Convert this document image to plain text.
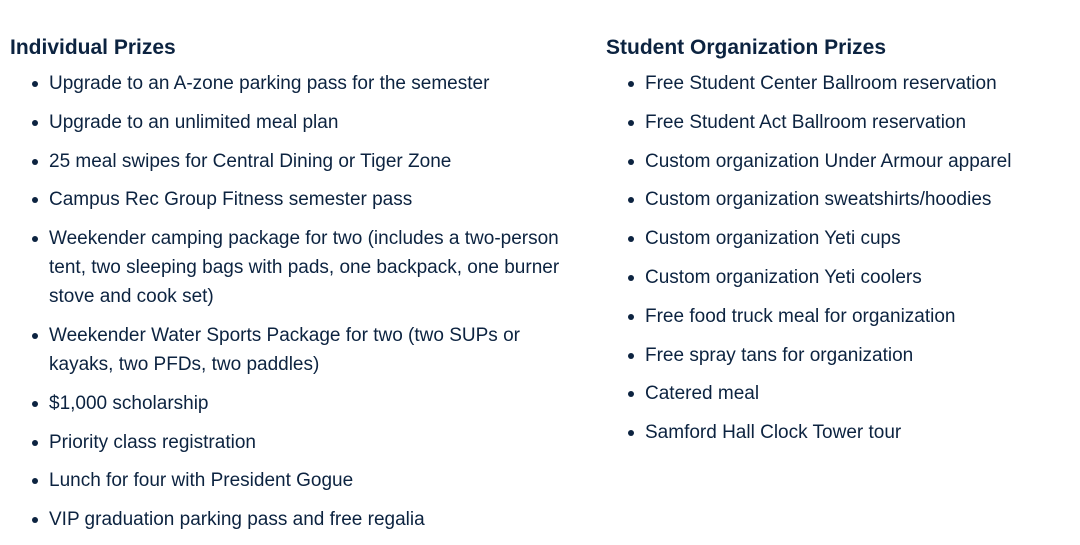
Individual Prizes
Upgrade to an A-zone parking pass for the semester
Upgrade to an unlimited meal plan
25 meal swipes for Central Dining or Tiger Zone
Campus Rec Group Fitness semester pass
Weekender camping package for two (includes a two-person tent, two sleeping bags with pads, one backpack, one burner stove and cook set)
Weekender Water Sports Package for two (two SUPs or kayaks, two PFDs, two paddles)
$1,000 scholarship
Priority class registration
Lunch for four with President Gogue
VIP graduation parking pass and free regalia
Student Organization Prizes
Free Student Center Ballroom reservation
Free Student Act Ballroom reservation
Custom organization Under Armour apparel
Custom organization sweatshirts/hoodies
Custom organization Yeti cups
Custom organization Yeti coolers
Free food truck meal for organization
Free spray tans for organization
Catered meal
Samford Hall Clock Tower tour
